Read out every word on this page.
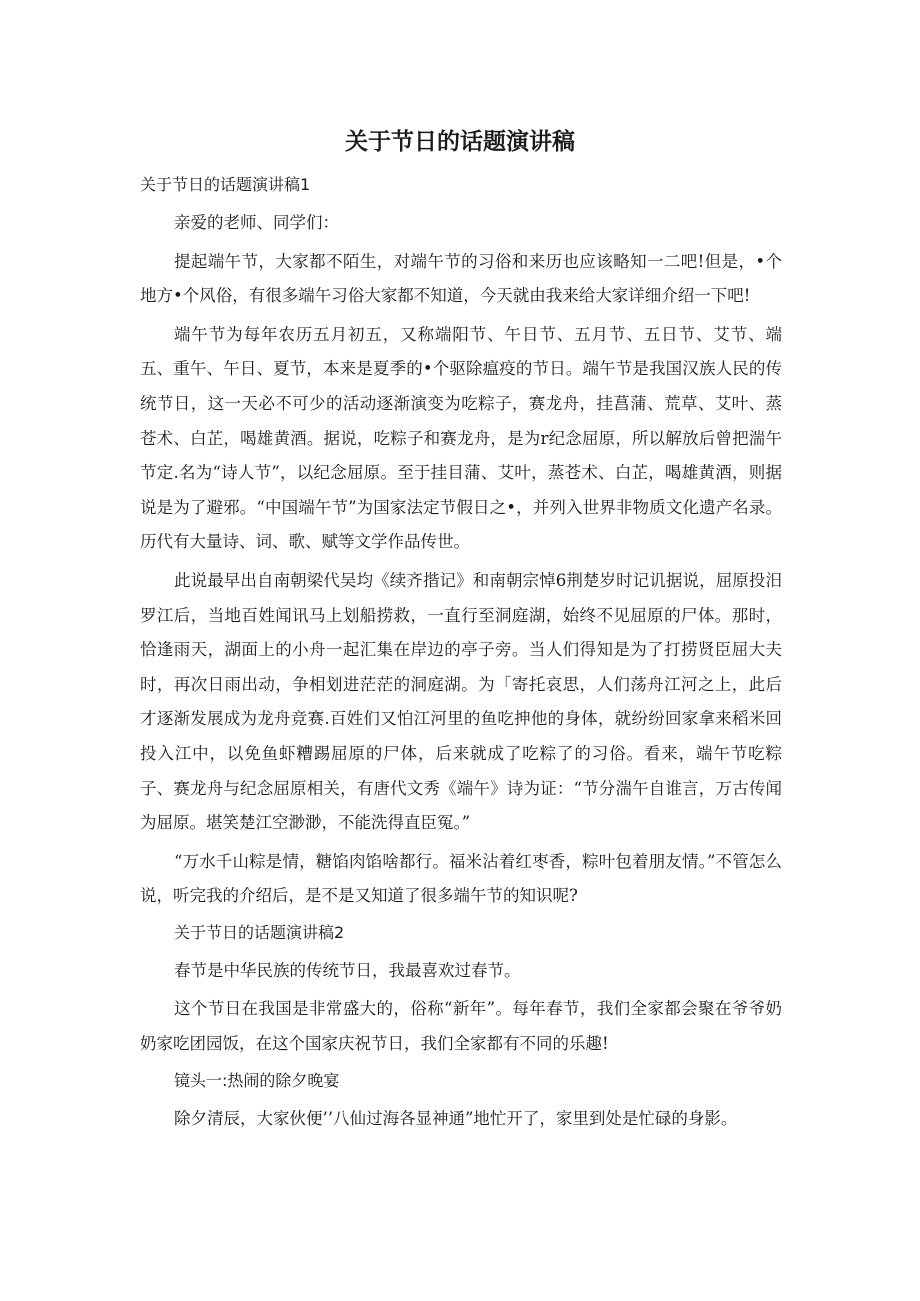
关于节日的话题演讲稿

关于节日的话题演讲稿1

亲爱的老师、同学们：

提起端午节，大家都不陌生，对端午节的习俗和来历也应该略知一二吧!但是，•个地方•个风俗，有很多端午习俗大家都不知道，今天就由我来给大家详细介绍一下吧!

端午节为每年农历五月初五，又称端阳节、午日节、五月节、五日节、艾节、端五、重午、午日、夏节，本来是夏季的•个驱除瘟疫的节日。端午节是我国汉族人民的传统节日，这一天必不可少的活动逐渐演变为吃粽子，赛龙舟，挂菖蒲、荒草、艾叶、蒸苍术、白芷，喝雄黄酒。据说，吃粽子和赛龙舟，是为r纪念屈原，所以解放后曾把湍午节定.名为“诗人节”，以纪念屈原。至于挂目蒲、艾叶，蒸苍术、白芷，喝雄黄酒，则据说是为了避邪。“中国端午节”为国家法定节假日之•，并列入世界非物质文化遗产名录。历代有大量诗、词、歌、赋等文学作品传世。

此说最早出自南朝梁代吴均《续齐揩记》和南朝宗悼6荆楚岁时记讥据说，屈原投汨罗江后，当地百姓闻讯马上划船捞救，一直行至洞庭湖，始终不见屈原的尸体。那时，恰逢雨天，湖面上的小舟一起汇集在岸边的亭子旁。当人们得知是为了打捞贤臣屈大夫时，再次日雨出动，争相划进茫茫的洞庭湖。为「寄托哀思，人们荡舟江河之上，此后才逐渐发展成为龙舟竞赛.百姓们又怕江河里的鱼吃抻他的身体，就纷纷回家拿来稻米回投入江中，以免鱼虾糟踢屈原的尸体，后来就成了吃粽了的习俗。看来，端午节吃粽子、赛龙舟与纪念屈原相关，有唐代文秀《端午》诗为证：“节分湍午自谁言，万古传闻为屈原。堪笑楚江空渺渺，不能洗得直臣冤。”

“万水千山粽是情，糖馅肉馅啥都行。福米沾着红枣香，粽叶包着朋友情。”不管怎么说，听完我的介绍后，是不是又知道了很多端午节的知识呢?

关于节日的话题演讲稿2

春节是中华民族的传统节日，我最喜欢过春节。

这个节日在我国是非常盛大的，俗称“新年”。每年春节，我们全家都会聚在爷爷奶奶家吃团园饭，在这个国家庆祝节日，我们全家都有不同的乐趣!

镜头一:热闹的除夕晚宴

除夕清辰，大家伙便’’八仙过海各显神通”地忙开了，家里到处是忙碌的身影。
